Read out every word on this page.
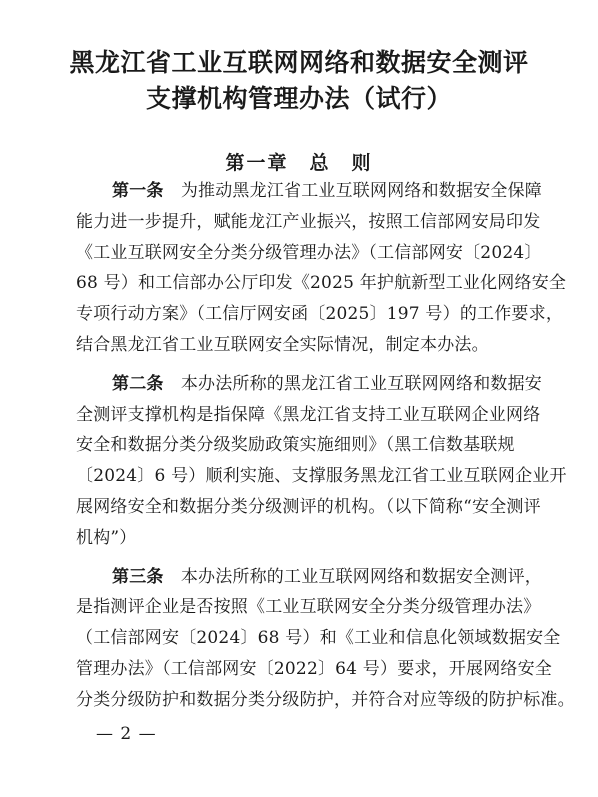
黑龙江省工业互联网网络和数据安全测评
支撑机构管理办法（试行）
第一章　总　则
第一条　 为推动黑龙江省工业互联网网络和数据安全保障
能力进一步提升，赋能龙江产业振兴，按照工信部网安局印发
《工业互联网安全分类分级管理办法》（工信部网安〔2024〕
68 号）和工信部办公厅印发《2025 年护航新型工业化网络安全
专项行动方案》（工信厅网安函〔2025〕197 号）的工作要求，
结合黑龙江省工业互联网安全实际情况，制定本办法。
第二条　 本办法所称的黑龙江省工业互联网网络和数据安
全测评支撑机构是指保障《黑龙江省支持工业互联网企业网络
安全和数据分类分级奖励政策实施细则》（黑工信数基联规
〔2024〕6 号）顺利实施、支撑服务黑龙江省工业互联网企业开
展网络安全和数据分类分级测评的机构。（以下简称“安全测评
机构”）
第三条　 本办法所称的工业互联网网络和数据安全测评，
是指测评企业是否按照《工业互联网安全分类分级管理办法》
（工信部网安〔2024〕68 号）和《工业和信息化领域数据安全
管理办法》（工信部网安〔2022〕64 号）要求，开展网络安全
分类分级防护和数据分类分级防护，并符合对应等级的防护标准。
— 2 —
